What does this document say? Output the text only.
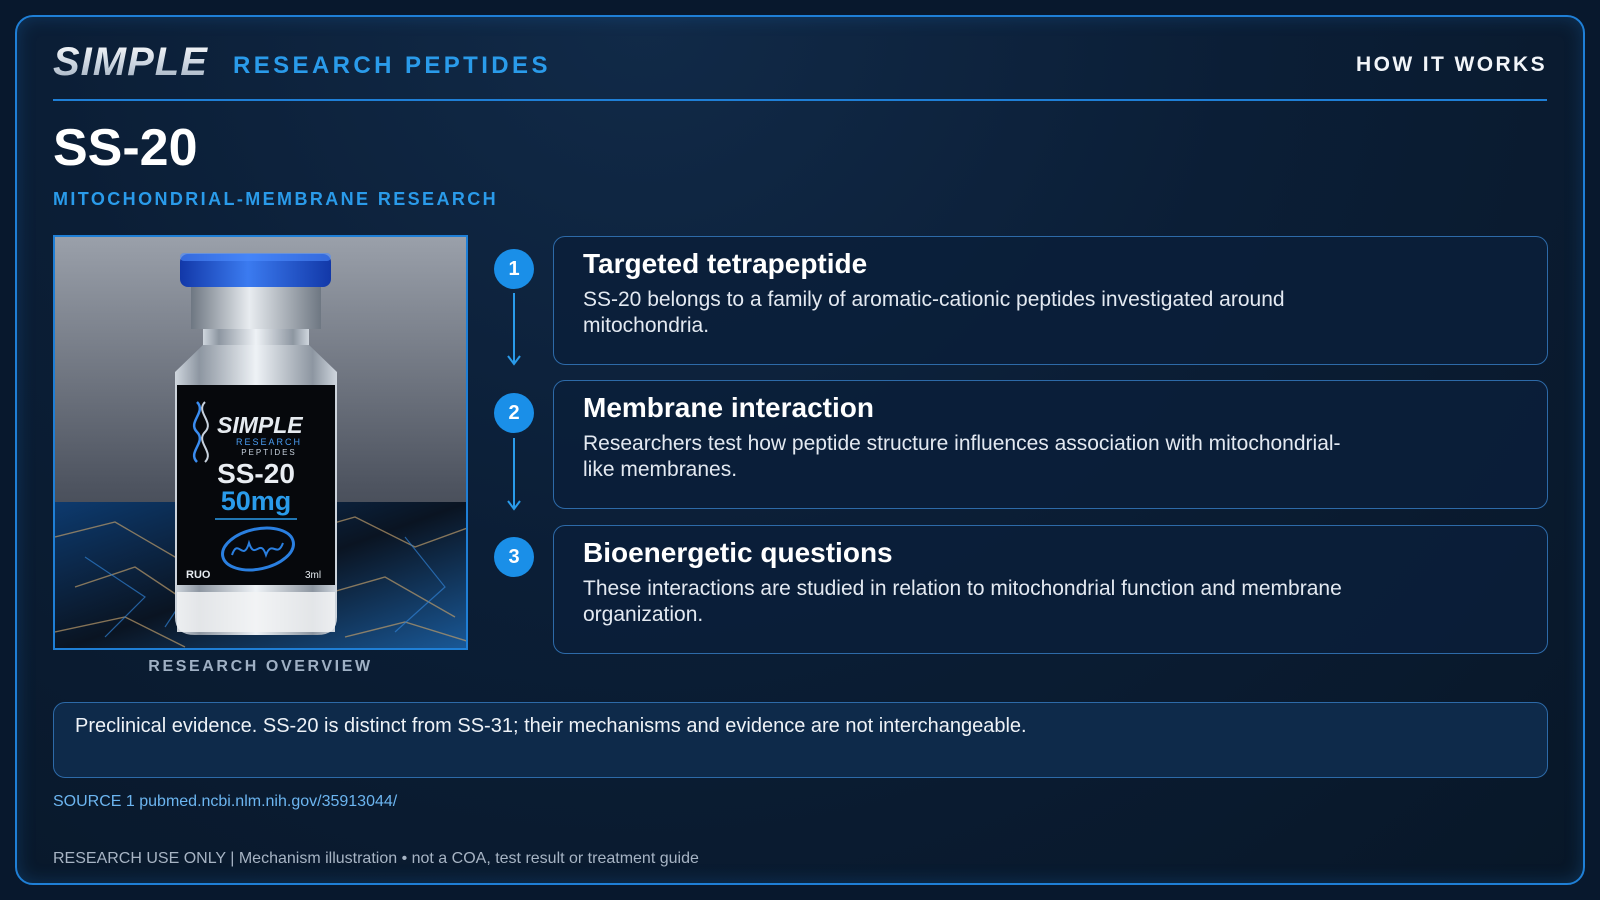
SIMPLE RESEARCH PEPTIDES	HOW IT WORKS
SS-20
MITOCHONDRIAL-MEMBRANE RESEARCH
SIMPLE
RESEARCH
PEPTIDES
SS-20
50mg
RUO	3ml
RESEARCH OVERVIEW
1	Targeted tetrapeptide
SS-20 belongs to a family of aromatic-cationic peptides investigated around mitochondria.
2	Membrane interaction
Researchers test how peptide structure influences association with mitochondrial-like membranes.
3	Bioenergetic questions
These interactions are studied in relation to mitochondrial function and membrane organization.
Preclinical evidence. SS-20 is distinct from SS-31; their mechanisms and evidence are not interchangeable.
SOURCE 1 pubmed.ncbi.nlm.nih.gov/35913044/
RESEARCH USE ONLY | Mechanism illustration • not a COA, test result or treatment guide
